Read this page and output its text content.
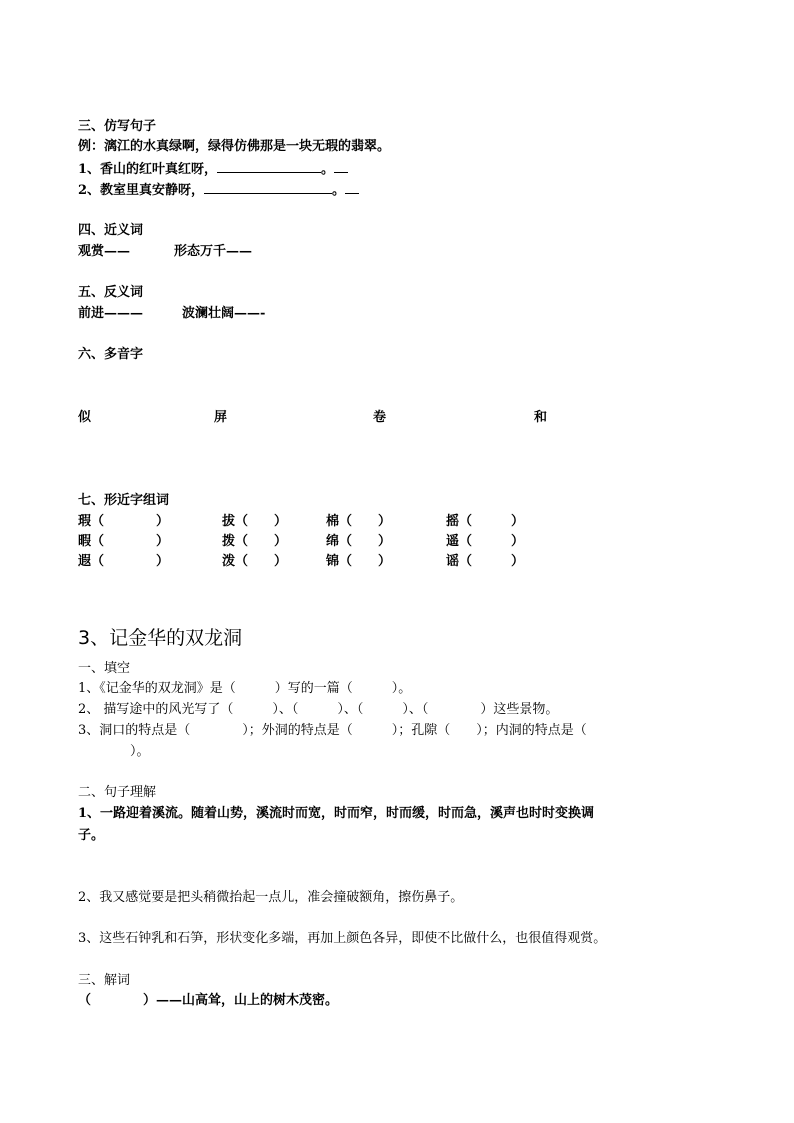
三、仿写句子
例：漓江的水真绿啊，绿得仿佛那是一块无瑕的翡翠。
1、香山的红叶真红呀，	。
2、教室里真安静呀，	。
四、近义词
观赏——	形态万千——
五、反义词
前进———	波澜壮阔——-
六、多音字
似	屏	卷	和
七、形近字组词
瑕（　　　　）	拔（　　）	棉（　　）	摇（　　　）
暇（　　　　）	拨（　　）	绵（　　）	遥（　　　）
遐（　　　　）	泼（　　）	锦（　　）	谣（　　　）
3、记金华的双龙洞
一、填空
1、《记金华的双龙洞》是（　　　）写的一篇（　　　）。
2、 描写途中的风光写了（　　　）、（　　　）、（　　　）、（　　　　）这些景物。
3、洞口的特点是（　　　　）；外洞的特点是（　　　）；孔隙（　　）；内洞的特点是（
　　　　）。
二、句子理解
1、一路迎着溪流。随着山势，溪流时而宽，时而窄，时而缓，时而急，溪声也时时变换调
子。
2、我又感觉要是把头稍微抬起一点儿，准会撞破额角，擦伤鼻子。
3、这些石钟乳和石笋，形状变化多端，再加上颜色各异，即使不比做什么，也很值得观赏。
三、解词
（　　　　）——山高耸，山上的树木茂密。
